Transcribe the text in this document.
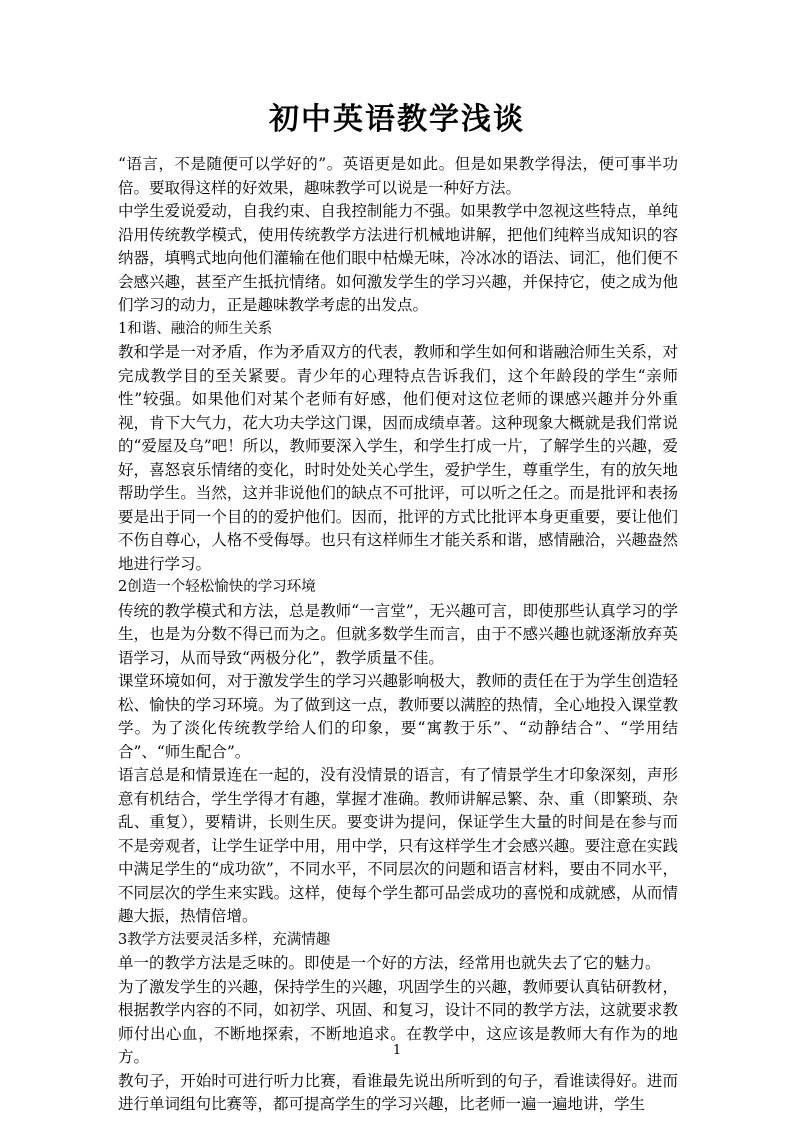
初中英语教学浅谈

“语言，不是随便可以学好的”。英语更是如此。但是如果教学得法，便可事半功倍。要取得这样的好效果，趣味教学可以说是一种好方法。

中学生爱说爱动，自我约束、自我控制能力不强。如果教学中忽视这些特点，单纯沿用传统教学模式，使用传统教学方法进行机械地讲解，把他们纯粹当成知识的容纳器，填鸭式地向他们灌输在他们眼中枯燥无味，冷冰冰的语法、词汇，他们便不会感兴趣，甚至产生抵抗情绪。如何激发学生的学习兴趣，并保持它，使之成为他们学习的动力，正是趣味教学考虑的出发点。

1和谐、融洽的师生关系

教和学是一对矛盾，作为矛盾双方的代表，教师和学生如何和谐融洽师生关系，对完成教学目的至关紧要。青少年的心理特点告诉我们，这个年龄段的学生“亲师性”较强。如果他们对某个老师有好感，他们便对这位老师的课感兴趣并分外重视，肯下大气力，花大功夫学这门课，因而成绩卓著。这种现象大概就是我们常说的“爱屋及乌”吧！所以，教师要深入学生，和学生打成一片，了解学生的兴趣，爱好，喜怒哀乐情绪的变化，时时处处关心学生，爱护学生，尊重学生，有的放矢地帮助学生。当然，这并非说他们的缺点不可批评，可以听之任之。而是批评和表扬要是出于同一个目的的爱护他们。因而，批评的方式比批评本身更重要，要让他们不伤自尊心，人格不受侮辱。也只有这样师生才能关系和谐，感情融洽，兴趣盎然地进行学习。

2创造一个轻松愉快的学习环境

传统的教学模式和方法，总是教师“一言堂”，无兴趣可言，即使那些认真学习的学生，也是为分数不得已而为之。但就多数学生而言，由于不感兴趣也就逐渐放弃英语学习，从而导致“两极分化”，教学质量不佳。

课堂环境如何，对于激发学生的学习兴趣影响极大，教师的责任在于为学生创造轻松、愉快的学习环境。为了做到这一点，教师要以满腔的热情，全心地投入课堂教学。为了淡化传统教学给人们的印象，要“寓教于乐”、“动静结合”、“学用结合”、“师生配合”。

语言总是和情景连在一起的，没有没情景的语言，有了情景学生才印象深刻，声形意有机结合，学生学得才有趣，掌握才准确。教师讲解忌繁、杂、重（即繁琐、杂乱、重复），要精讲，长则生厌。要变讲为提问，保证学生大量的时间是在参与而不是旁观者，让学生证学中用，用中学，只有这样学生才会感兴趣。要注意在实践中满足学生的“成功欲”，不同水平，不同层次的问题和语言材料，要由不同水平，不同层次的学生来实践。这样，使每个学生都可品尝成功的喜悦和成就感，从而情趣大振，热情倍增。

3教学方法要灵活多样，充满情趣

单一的教学方法是乏味的。即使是一个好的方法，经常用也就失去了它的魅力。

为了激发学生的兴趣，保持学生的兴趣，巩固学生的兴趣，教师要认真钻研教材，根据教学内容的不同，如初学、巩固、和复习，设计不同的教学方法，这就要求教师付出心血，不断地探索，不断地追求。在教学中，这应该是教师大有作为的地方。

教句子，开始时可进行听力比赛，看谁最先说出所听到的句子，看谁读得好。进而进行单词组句比赛等，都可提高学生的学习兴趣，比老师一遍一遍地讲，学生

1
